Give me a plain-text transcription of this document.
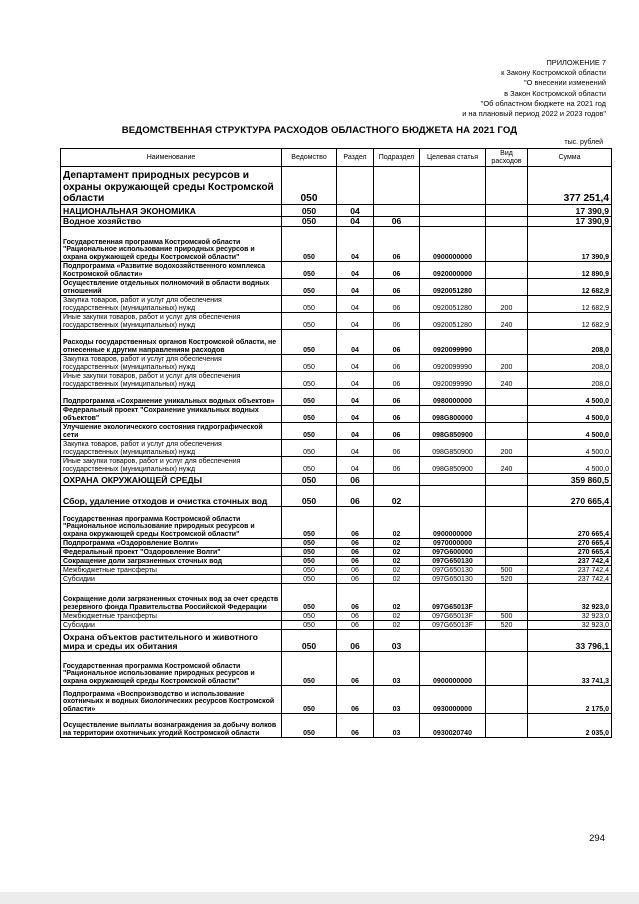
ПРИЛОЖЕНИЕ 7
к Закону Костромской области
"О внесении изменений
в Закон Костромской области
"Об областном бюджете на 2021 год
и на плановый период 2022 и 2023 годов"
ВЕДОМСТВЕННАЯ СТРУКТУРА РАСХОДОВ ОБЛАСТНОГО БЮДЖЕТА НА 2021 ГОД
тыс. рублей
Наименование	Ведомство	Раздел	Подраздел	Целевая статья	Вид расходов	Сумма
Департамент природных ресурсов и охраны окружающей среды Костромской области	050					377 251,4
НАЦИОНАЛЬНАЯ ЭКОНОМИКА	050	04				17 390,9
Водное хозяйство	050	04	06			17 390,9
Государственная программа Костромской области "Рациональное использование природных ресурсов и охрана окружающей среды Костромской области"	050	04	06	0900000000		17 390,9
Подпрограмма «Развитие водохозяйственного комплекса Костромской области»	050	04	06	0920000000		12 890,9
Осуществление отдельных полномочий в области водных отношений	050	04	06	0920051280		12 682,9
Закупка товаров, работ и услуг для обеспечения государственных (муниципальных) нужд	050	04	06	0920051280	200	12 682,9
Иные закупки товаров, работ и услуг для обеспечения государственных (муниципальных) нужд	050	04	06	0920051280	240	12 682,9
Расходы государственных органов Костромской области, не отнесенные к другим направлениям расходов	050	04	06	0920099990		208,0
Закупка товаров, работ и услуг для обеспечения государственных (муниципальных) нужд	050	04	06	0920099990	200	208,0
Иные закупки товаров, работ и услуг для обеспечения государственных (муниципальных) нужд	050	04	06	0920099990	240	208,0
Подпрограмма «Сохранение уникальных водных объектов»	050	04	06	0980000000		4 500,0
Федеральный проект "Сохранение уникальных водных объектов"	050	04	06	098G800000		4 500,0
Улучшение экологического состояния гидрографической сети	050	04	06	098G850900		4 500,0
Закупка товаров, работ и услуг для обеспечения государственных (муниципальных) нужд	050	04	06	098G850900	200	4 500,0
Иные закупки товаров, работ и услуг для обеспечения государственных (муниципальных) нужд	050	04	06	098G850900	240	4 500,0
ОХРАНА ОКРУЖАЮЩЕЙ СРЕДЫ	050	06				359 860,5
Сбор, удаление отходов и очистка сточных вод	050	06	02			270 665,4
Государственная программа Костромской области "Рациональное использование природных ресурсов и охрана окружающей среды Костромской области"	050	06	02	0900000000		270 665,4
Подпрограмма «Оздоровление Волги»	050	06	02	0970000000		270 665,4
Федеральный проект "Оздоровление Волги"	050	06	02	097G600000		270 665,4
Сокращение доли загрязненных сточных вод	050	06	02	097G650130		237 742,4
Межбюджетные трансферты	050	06	02	097G650130	500	237 742,4
Субсидии	050	06	02	097G650130	520	237 742,4
Сокращение доли загрязненных сточных вод за счет средств резервного фонда Правительства Российской Федерации	050	06	02	097G65013F		32 923,0
Межбюджетные трансферты	050	06	02	097G65013F	500	32 923,0
Субсидии	050	06	02	097G65013F	520	32 923,0
Охрана объектов растительного и животного мира и среды их обитания	050	06	03			33 796,1
Государственная программа Костромской области "Рациональное использование природных ресурсов и охрана окружающей среды Костромской области"	050	06	03	0900000000		33 741,3
Подпрограмма «Воспроизводство и использование охотничьих и водных биологических ресурсов Костромской области»	050	06	03	0930000000		2 175,0
Осуществление выплаты вознаграждения за добычу волков на территории охотничьих угодий Костромской области	050	06	03	0930020740		2 035,0
294
